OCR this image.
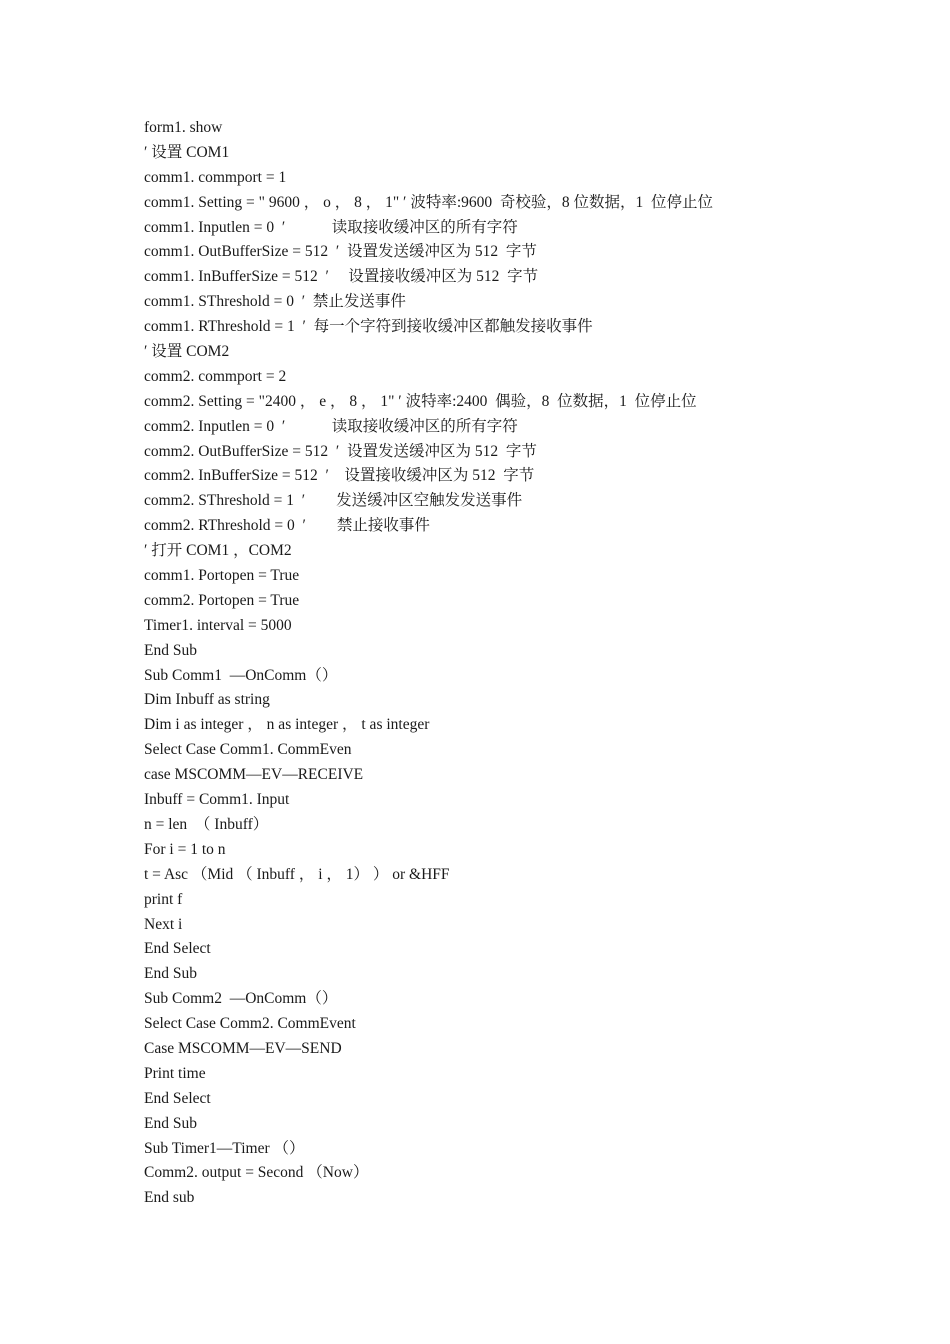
form1. show
′ 设置 COM1
comm1. commport = 1
comm1. Setting = " 9600 ， o ， 8 ， 1" ′ 波特率:9600  奇校验，8 位数据，1  位停止位
comm1. Inputlen = 0  ′            读取接收缓冲区的所有字符
comm1. OutBufferSize = 512  ′  设置发送缓冲区为 512  字节
comm1. InBufferSize = 512  ′     设置接收缓冲区为 512  字节
comm1. SThreshold = 0  ′  禁止发送事件
comm1. RThreshold = 1  ′  每一个字符到接收缓冲区都触发接收事件
′ 设置 COM2
comm2. commport = 2
comm2. Setting = "2400 ， e ， 8 ， 1" ′ 波特率:2400  偶验，8  位数据，1  位停止位
comm2. Inputlen = 0  ′            读取接收缓冲区的所有字符
comm2. OutBufferSize = 512  ′  设置发送缓冲区为 512  字节
comm2. InBufferSize = 512  ′    设置接收缓冲区为 512  字节
comm2. SThreshold = 1  ′        发送缓冲区空触发发送事件
comm2. RThreshold = 0  ′        禁止接收事件
′ 打开 COM1 ，COM2
comm1. Portopen = True
comm2. Portopen = True
Timer1. interval = 5000
End Sub
Sub Comm1  —OnComm（）
Dim Inbuff as string
Dim i as integer ， n as integer ， t as integer
Select Case Comm1. CommEven
case MSCOMM—EV—RECEIVE
Inbuff = Comm1. Input
n = len  （ Inbuff）
For i = 1 to n
t = Asc （Mid （ Inbuff ， i ， 1） ） or &HFF
print f
Next i
End Select
End Sub
Sub Comm2  —OnComm（）
Select Case Comm2. CommEvent
Case MSCOMM—EV—SEND
Print time
End Select
End Sub
Sub Timer1—Timer （）
Comm2. output = Second （Now）
End sub
